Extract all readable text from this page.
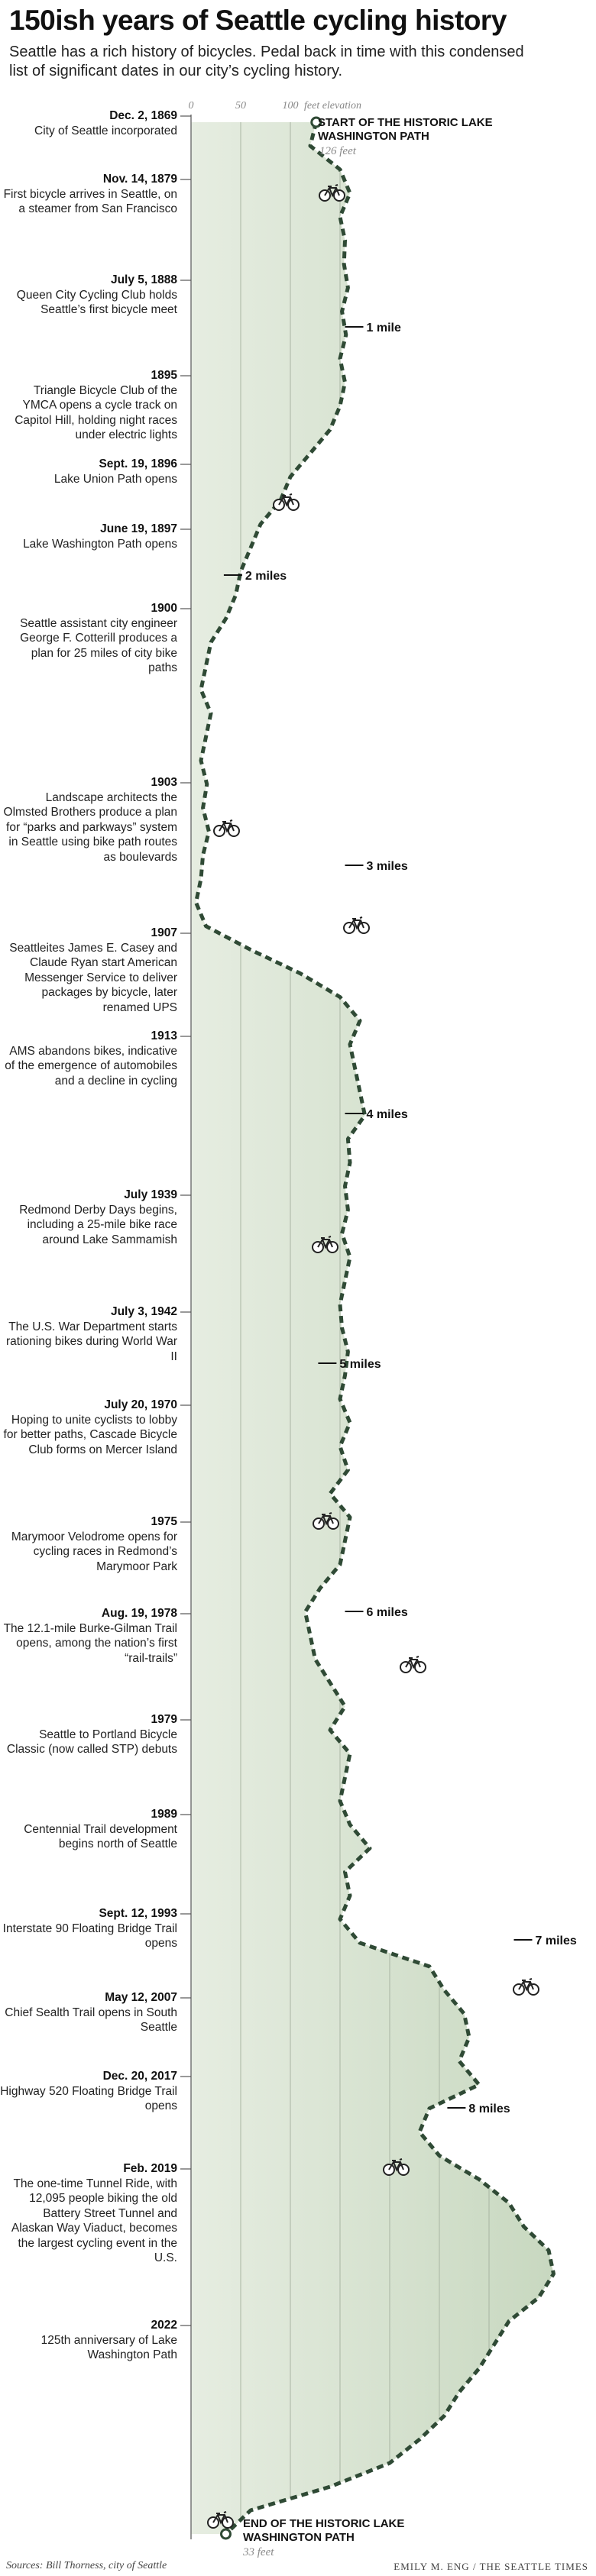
150ish years of Seattle cycling history

Seattle has a rich history of bicycles. Pedal back in time with this condensed list of significant dates in our city’s cycling history.

0	50	100 feet elevation
1 mile
2 miles
3 miles
4 miles
5 miles
6 miles
7 miles
8 miles
Dec. 2, 1869
City of Seattle incorporated
Nov. 14, 1879
First bicycle arrives in Seattle, on a steamer from San Francisco
July 5, 1888
Queen City Cycling Club holds Seattle’s first bicycle meet
1895
Triangle Bicycle Club of the YMCA opens a cycle track on Capitol Hill, holding night races under electric lights
Sept. 19, 1896
Lake Union Path opens
June 19, 1897
Lake Washington Path opens
1900
Seattle assistant city engineer George F. Cotterill produces a plan for 25 miles of city bike paths
1903
Landscape architects the Olmsted Brothers produce a plan for “parks and parkways” system in Seattle using bike path routes as boulevards
1907
Seattleites James E. Casey and Claude Ryan start American Messenger Service to deliver packages by bicycle, later renamed UPS
1913
AMS abandons bikes, indicative of the emergence of automobiles and a decline in cycling
July 1939
Redmond Derby Days begins, including a 25-mile bike race around Lake Sammamish
July 3, 1942
The U.S. War Department starts rationing bikes during World War II
July 20, 1970
Hoping to unite cyclists to lobby for better paths, Cascade Bicycle Club forms on Mercer Island
1975
Marymoor Velodrome opens for cycling races in Redmond’s Marymoor Park
Aug. 19, 1978
The 12.1-mile Burke-Gilman Trail opens, among the nation’s first “rail-trails”
1979
Seattle to Portland Bicycle Classic (now called STP) debuts
1989
Centennial Trail development begins north of Seattle
Sept. 12, 1993
Interstate 90 Floating Bridge Trail opens
May 12, 2007
Chief Sealth Trail opens in South Seattle
Dec. 20, 2017
Highway 520 Floating Bridge Trail opens
Feb. 2019
The one-time Tunnel Ride, with 12,095 people biking the old Battery Street Tunnel and Alaskan Way Viaduct, becomes the largest cycling event in the U.S.
2022
125th anniversary of Lake Washington Path
START OF THE HISTORIC LAKE WASHINGTON PATH
126 feet
END OF THE HISTORIC LAKE WASHINGTON PATH
33 feet
Sources: Bill Thorness, city of Seattle	EMILY M. ENG / THE SEATTLE TIMES
